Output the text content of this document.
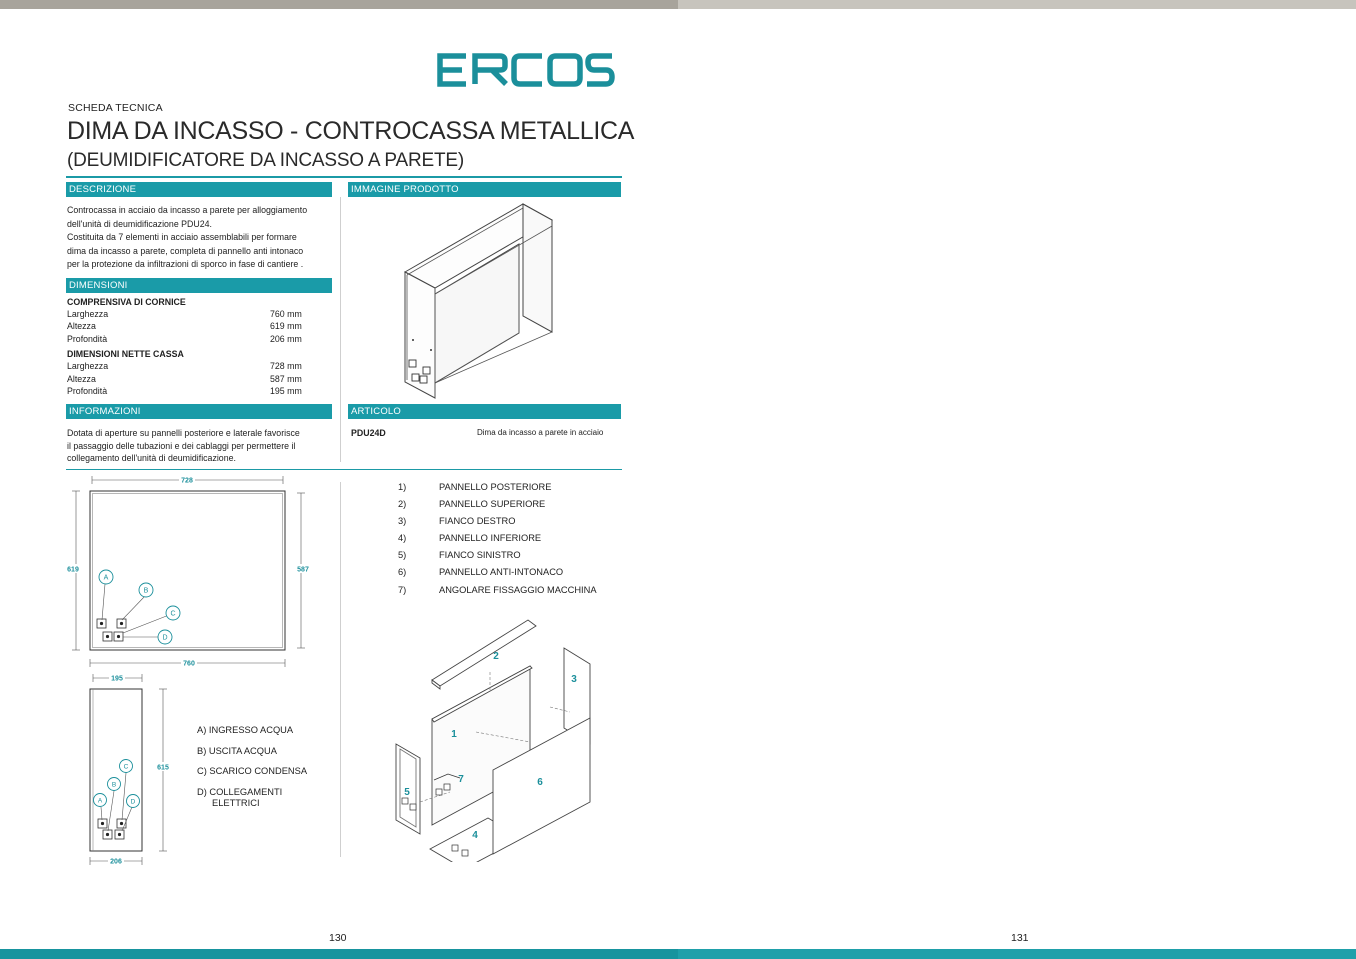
SCHEDA TECNICA
DIMA DA INCASSO - CONTROCASSA METALLICA
(DEUMIDIFICATORE DA INCASSO A PARETE)
DESCRIZIONE	IMMAGINE PRODOTTO
Controcassa in acciaio da incasso a parete per alloggiamento
dell'unità di deumidificazione PDU24.
Costituita da 7 elementi in acciaio assemblabili per formare
dima da incasso a parete, completa di pannello anti intonaco
per la protezione da infiltrazioni di sporco in fase di cantiere .
DIMENSIONI
COMPRENSIVA DI CORNICE
Larghezza	760 mm
Altezza	619 mm
Profondità	206 mm
DIMENSIONI NETTE CASSA
Larghezza	728 mm
Altezza	587 mm
Profondità	195 mm
INFORMAZIONI	ARTICOLO
Dotata di aperture su pannelli posteriore e laterale favorisce
il passaggio delle tubazioni e dei cablaggi per permettere il
collegamento dell'unità di deumidificazione.
PDU24D	Dima da incasso a parete in acciaio
728
760
619	587
A
B
C
D
195
206
615
A
B
C
D
A) INGRESSO ACQUA
B) USCITA ACQUA
C) SCARICO CONDENSA
D) COLLEGAMENTI
ELETTRICI
1)	PANNELLO POSTERIORE
2)	PANNELLO SUPERIORE
3)	FIANCO DESTRO
4)	PANNELLO INFERIORE
5)	FIANCO SINISTRO
6)	PANNELLO ANTI-INTONACO
7)	ANGOLARE FISSAGGIO MACCHINA
1
2
3
4
5
6
7
130	131
